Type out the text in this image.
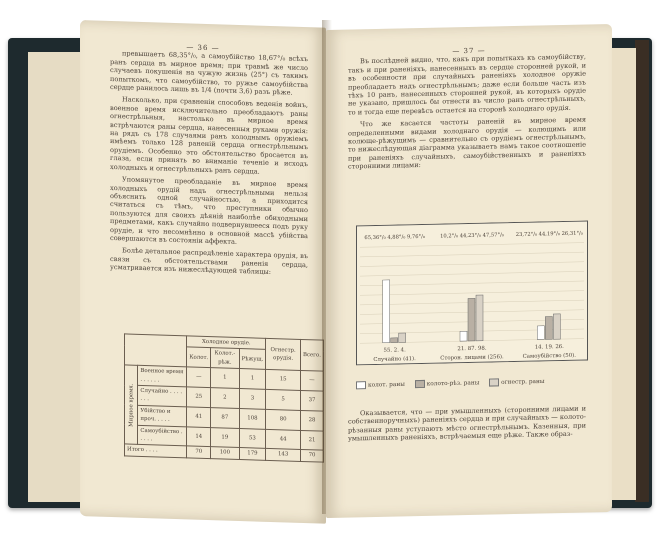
— 36 —

превышаетъ 68,35°/₀, а самоубійство 18,67°/₀ всѣхъ ранъ сердца въ мирное время; при травмѣ же число случаевъ покушенія на чужую жизнь (25°) съ такимъ попыткомъ, что самоубійство, то ружье самоубійства сердце ранилось лишь въ 1/4 (почти 3,6) разъ рѣже.

Насколько, при сравненіи способовъ веденія войнъ, военное время исключительно преобладаютъ раны огнестрѣльныя, настолько въ мирное время встрѣчаются раны сердца, нанесенныя руками оружія: на рядъ съ 178 случаями ранъ холоднымъ оружіемъ имѣемъ только 128 раненій сердца огнестрѣльнымъ орудіемъ. Особенно это обстоятельство бросается въ глаза, если принять во вниманіе теченіе и исходъ холодныхъ и огнестрѣльныхъ ранъ сердца.

Упомянутое преобладаніе въ мирное время холодныхъ орудій надъ огнестрѣльными нельзя объяснить одной случайностью, а приходится считаться съ тѣмъ, что преступники обычно пользуются для своихъ дѣяній наиболѣе обиходными предметами, какъ случайно подвернувшееся подъ руку орудіе, и что несомнѣнно в основной массѣ убійства совершаются въ состояніи аффекта.

Болѣе детальное распредѣленіе характера орудія, въ связи съ обстоятельствами раненія сердца, усматривается изъ нижеслѣдующей таблицы:

		Холодное орудіе.			Огнестр. орудія.	Всего.
		Колот.	Колот.-рѣж.	Рѣжущ.		
Мирное время.	Военное время . . . . . .	—	1	1	15	—
	Случайно . . . . . . .	25	2	3	5	37
	Убійство и проч. . . . .	41	87	108	80	28
	Самоубійство . . . . .	14	19	53	44	21
Итого . . . .		70	100	179	143	70
— 37 —

Въ послѣдней видно, что, какъ при попыткахъ къ самоубійству, такъ и при раненіяхъ, нанесенныхъ въ сердце сторонней рукой, и въ особенности при случайныхъ раненіяхъ холодное оружіе преобладаетъ надъ огнестрѣльнымъ; даже если больше часть изъ тѣхъ 10 ранъ, нанесенныхъ сторонней рукой, въ которыхъ орудіе не указано, пришлось бы отнести въ число ранъ огнестрѣльныхъ, то и тогда еще перевѣсъ остается на сторонѣ холоднаго орудія.

Что же касается частоты раненій въ мирное время определенными видами холоднаго орудія — колющимъ или колюще-рѣжущимъ — сравнительно съ орудіемъ огнестрѣльнымъ, то нижеслѣдующая діаграмма указываетъ намъ такое соотношеніе при раненіяхъ случайныхъ, самоубійственныхъ и раненіяхъ сторонними лицами:

65,36°/₀ 4,88°/₀ 9,76°/₀
55. 2. 4.
Случайно (41).
10,2°/₀ 44,23°/₀ 47,57°/₀
21. 87. 98.
Сторон. лицами (256).
23,72°/₀ 44,19°/₀ 26,31°/₀
14. 19. 26.
Самоубійство (50).
колот. раны	колото-рѣз. раны	огнестр. раны

Оказывается, что — при умышленныхъ (сторонними лицами и собственноручныхъ) раненіяхъ сердца и при случайныхъ — колото-рѣзанныя раны уступаютъ мѣсто огнестрѣльнымъ. Казенныя, при умышленныхъ раненіяхъ, встрѣчаемыя еще рѣже. Также образ-
